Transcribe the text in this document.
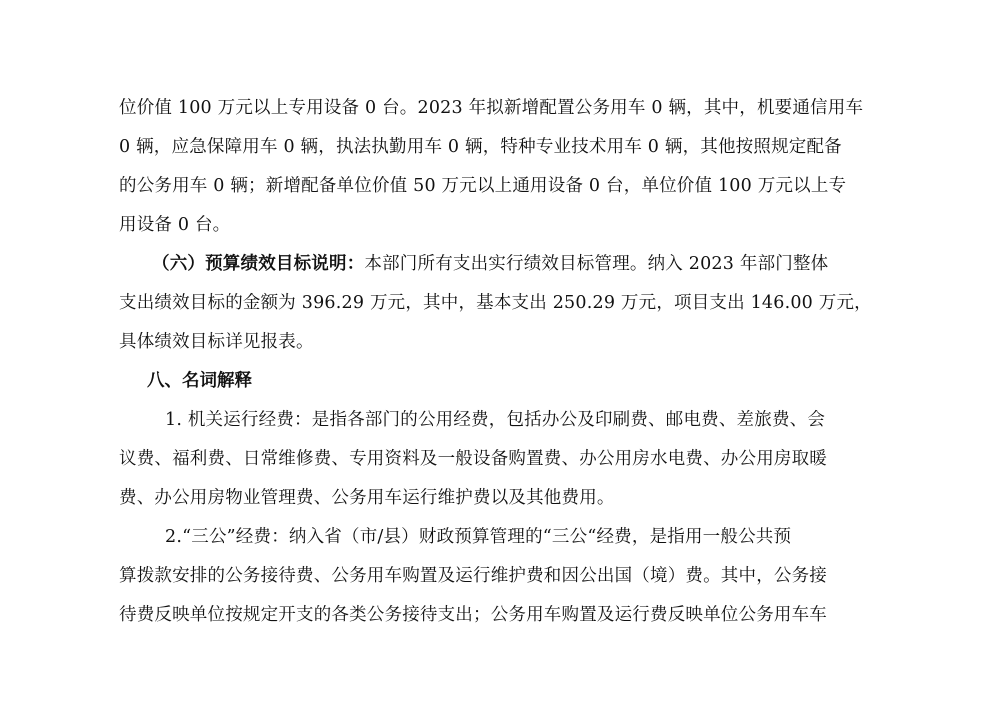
位价值 100 万元以上专用设备 0 台。2023 年拟新增配置公务用车 0 辆，其中，机要通信用车
0 辆，应急保障用车 0 辆，执法执勤用车 0 辆，特种专业技术用车 0 辆，其他按照规定配备
的公务用车 0 辆；新增配备单位价值 50 万元以上通用设备 0 台，单位价值 100 万元以上专
用设备 0 台。
（六）预算绩效目标说明：本部门所有支出实行绩效目标管理。纳入 2023 年部门整体
支出绩效目标的金额为 396.29 万元，其中，基本支出 250.29 万元，项目支出 146.00 万元，
具体绩效目标详见报表。
八、名词解释
1. 机关运行经费：是指各部门的公用经费，包括办公及印刷费、邮电费、差旅费、会
议费、福利费、日常维修费、专用资料及一般设备购置费、办公用房水电费、办公用房取暖
费、办公用房物业管理费、公务用车运行维护费以及其他费用。
2.“三公”经费：纳入省（市/县）财政预算管理的“三公“经费，是指用一般公共预
算拨款安排的公务接待费、公务用车购置及运行维护费和因公出国（境）费。其中，公务接
待费反映单位按规定开支的各类公务接待支出；公务用车购置及运行费反映单位公务用车车
